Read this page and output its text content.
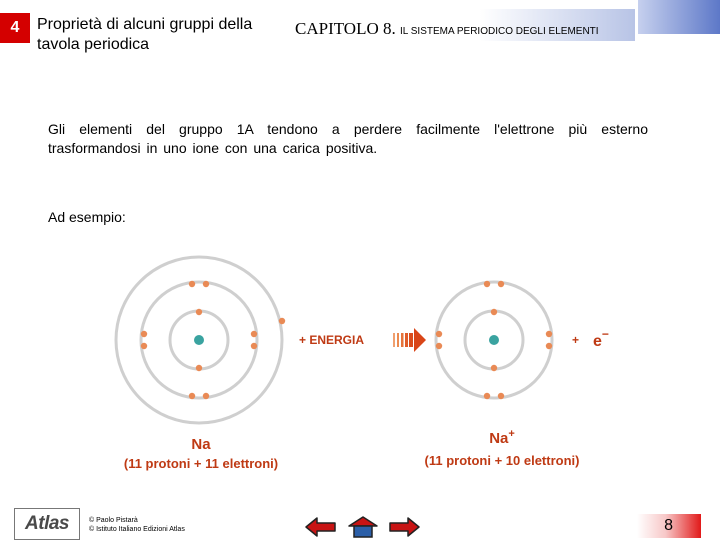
4	Proprietà di alcuni gruppi della tavola periodica
CAPITOLO 8. IL SISTEMA PERIODICO DEGLI ELEMENTI
Gli elementi del gruppo 1A tendono a perdere facilmente l'elettrone più esterno trasformandosi in uno ione con una carica positiva.
Ad esempio:
+ ENERGIA	+ e−
Na
(11 protoni + 11 elettroni)
Na+
(11 protoni + 10 elettroni)
Atlas	© Paolo Pistarà
© Istituto Italiano Edizioni Atlas	8
